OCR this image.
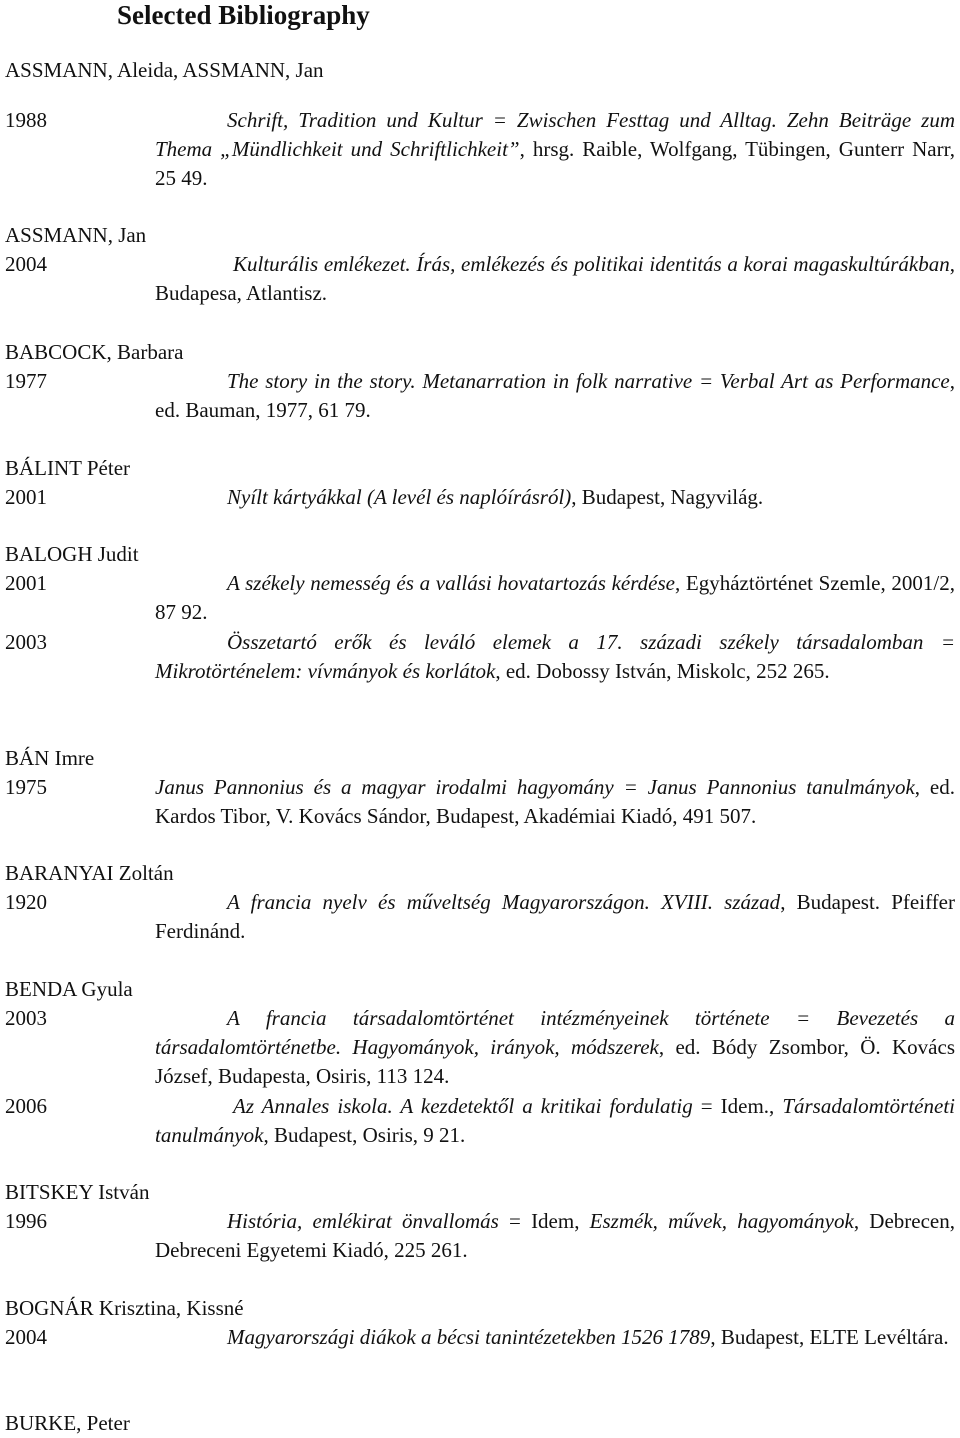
Selected Bibliography
ASSMANN, Aleida, ASSMANN, Jan
1988	Schrift, Tradition und Kultur = Zwischen Festtag und Alltag. Zehn Beiträge zum Thema „Mündlichkeit und Schriftlichkeit”, hrsg. Raible, Wolfgang, Tübingen, Gunterr Narr, 25 49.
ASSMANN, Jan
2004	Kulturális emlékezet. Írás, emlékezés és politikai identitás a korai magaskultúrákban, Budapesa, Atlantisz.
BABCOCK, Barbara
1977	The story in the story. Metanarration in folk narrative = Verbal Art as Performance, ed. Bauman, 1977, 61 79.
BÁLINT Péter
2001	Nyílt kártyákkal (A levél és naplóírásról), Budapest, Nagyvilág.
BALOGH Judit
2001	A székely nemesség és a vallási hovatartozás kérdése, Egyháztörténet Szemle, 2001/2, 87 92.
2003	Összetartó erők és leváló elemek a 17. századi székely társadalomban = Mikrotörténelem: vívmányok és korlátok, ed. Dobossy István, Miskolc, 252 265.
BÁN Imre
1975	Janus Pannonius és a magyar irodalmi hagyomány = Janus Pannonius tanulmányok, ed. Kardos Tibor, V. Kovács Sándor, Budapest, Akadémiai Kiadó, 491 507.
BARANYAI Zoltán
1920	A francia nyelv és műveltség Magyarországon. XVIII. század, Budapest. Pfeiffer Ferdinánd.
BENDA Gyula
2003	A francia társadalomtörténet intézményeinek története = Bevezetés a társadalomtörténetbe. Hagyományok, irányok, módszerek, ed. Bódy Zsombor, Ö. Kovács József, Budapesta, Osiris, 113 124.
2006	Az Annales iskola. A kezdetektől a kritikai fordulatig = Idem., Társadalomtörténeti tanulmányok, Budapest, Osiris, 9 21.
BITSKEY István
1996	História, emlékirat önvallomás = Idem, Eszmék, művek, hagyományok, Debrecen, Debreceni Egyetemi Kiadó, 225 261.
BOGNÁR Krisztina, Kissné
2004	Magyarországi diákok a bécsi tanintézetekben 1526 1789, Budapest, ELTE Levéltára.
BURKE, Peter
